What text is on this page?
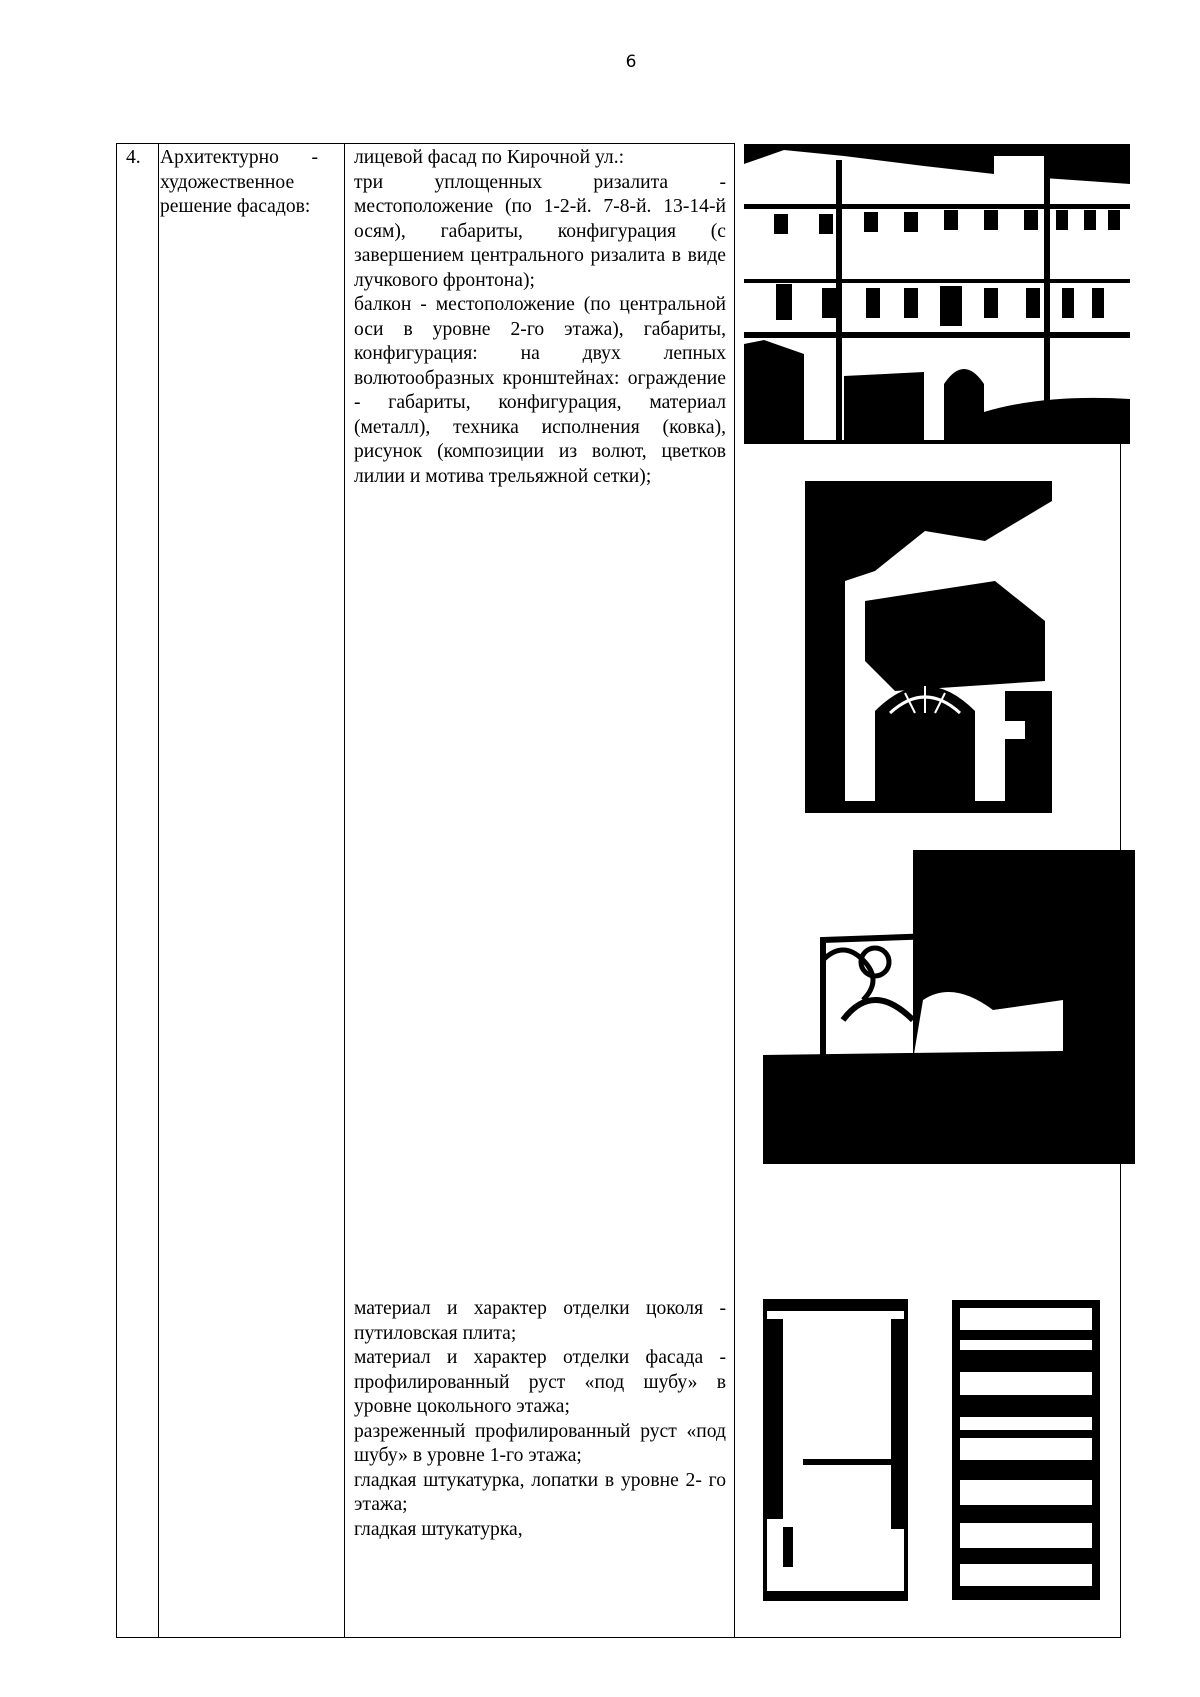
6
4. Архитектурно - художественное решение фасадов:

лицевой фасад по Кирочной ул.:

три уплощенных ризалита - местоположение (по 1-2-й. 7-8-й. 13-14-й осям), габариты, конфигурация (с завершением центрального ризалита в виде лучкового фронтона);

балкон - местоположение (по центральной оси в уровне 2-го этажа), габариты, конфигурация: на двух лепных волютообразных кронштейнах: ограждение - габариты, конфигурация, материал (металл), техника исполнения (ковка), рисунок (композиции из волют, цветков лилии и мотива трельяжной сетки);

материал и характер отделки цоколя - путиловская плита;

материал и характер отделки фасада - профилированный руст «под шубу» в уровне цокольного этажа;

разреженный профилированный руст «под шубу» в уровне 1-го этажа;

гладкая штукатурка, лопатки в уровне 2- го этажа;

гладкая штукатурка,
